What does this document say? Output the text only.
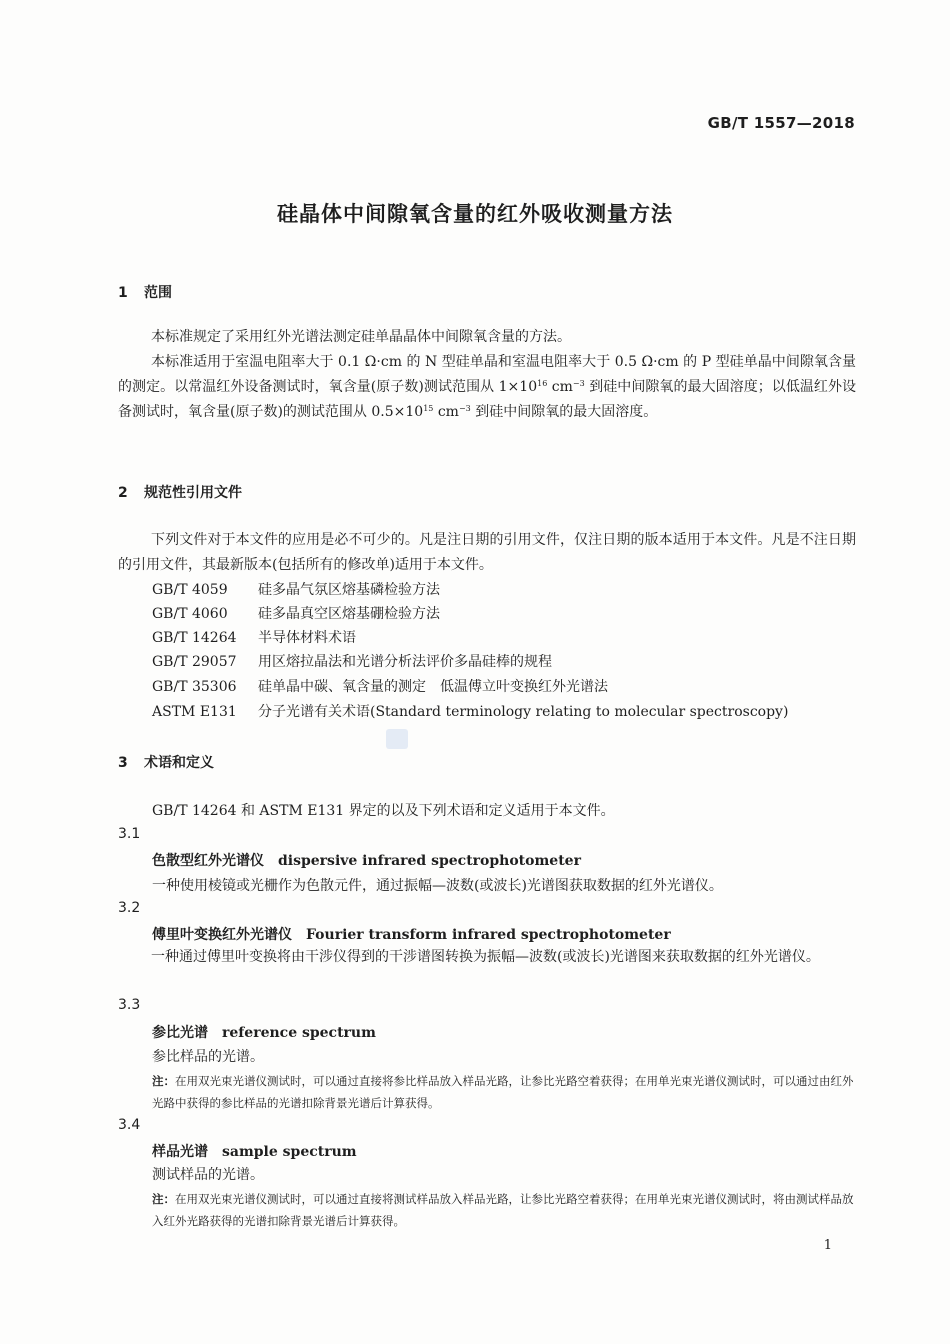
GB/T 1557—2018
硅晶体中间隙氧含量的红外吸收测量方法
1 范围

本标准规定了采用红外光谱法测定硅单晶晶体中间隙氧含量的方法。

本标准适用于室温电阻率大于 0.1 Ω·cm 的 N 型硅单晶和室温电阻率大于 0.5 Ω·cm 的 P 型硅单晶中间隙氧含量的测定。以常温红外设备测试时，氧含量(原子数)测试范围从 $1\times 10^{16}$ $cm^{-3}$ 到硅中间隙氧的最大固溶度；以低温红外设备测试时，氧含量(原子数)的测试范围从 $0.5\times 10^{15}$ $cm^{-3}$ 到硅中间隙氧的最大固溶度。

2 规范性引用文件

下列文件对于本文件的应用是必不可少的。凡是注日期的引用文件，仅注日期的版本适用于本文件。凡是不注日期的引用文件，其最新版本(包括所有的修改单)适用于本文件。

GB/T 4059 硅多晶气氛区熔基磷检验方法
GB/T 4060 硅多晶真空区熔基硼检验方法
GB/T 14264 半导体材料术语
GB/T 29057 用区熔拉晶法和光谱分析法评价多晶硅棒的规程
GB/T 35306 硅单晶中碳、氧含量的测定　低温傅立叶变换红外光谱法
ASTM E131 分子光谱有关术语(Standard terminology relating to molecular spectroscopy)
3 术语和定义
GB/T 14264 和 ASTM E131 界定的以及下列术语和定义适用于本文件。
3.1
色散型红外光谱仪 dispersive infrared spectrophotometer
一种使用棱镜或光栅作为色散元件，通过振幅—波数(或波长)光谱图获取数据的红外光谱仪。
3.2
傅里叶变换红外光谱仪 Fourier transform infrared spectrophotometer

一种通过傅里叶变换将由干涉仪得到的干涉谱图转换为振幅—波数(或波长)光谱图来获取数据的红外光谱仪。

3.3
参比光谱 reference spectrum
参比样品的光谱。

注：在用双光束光谱仪测试时，可以通过直接将参比样品放入样品光路，让参比光路空着获得；在用单光束光谱仪测试时，可以通过由红外光路中获得的参比样品的光谱扣除背景光谱后计算获得。

3.4
样品光谱 sample spectrum
测试样品的光谱。

注：在用双光束光谱仪测试时，可以通过直接将测试样品放入样品光路，让参比光路空着获得；在用单光束光谱仪测试时，将由测试样品放入红外光路获得的光谱扣除背景光谱后计算获得。

1
